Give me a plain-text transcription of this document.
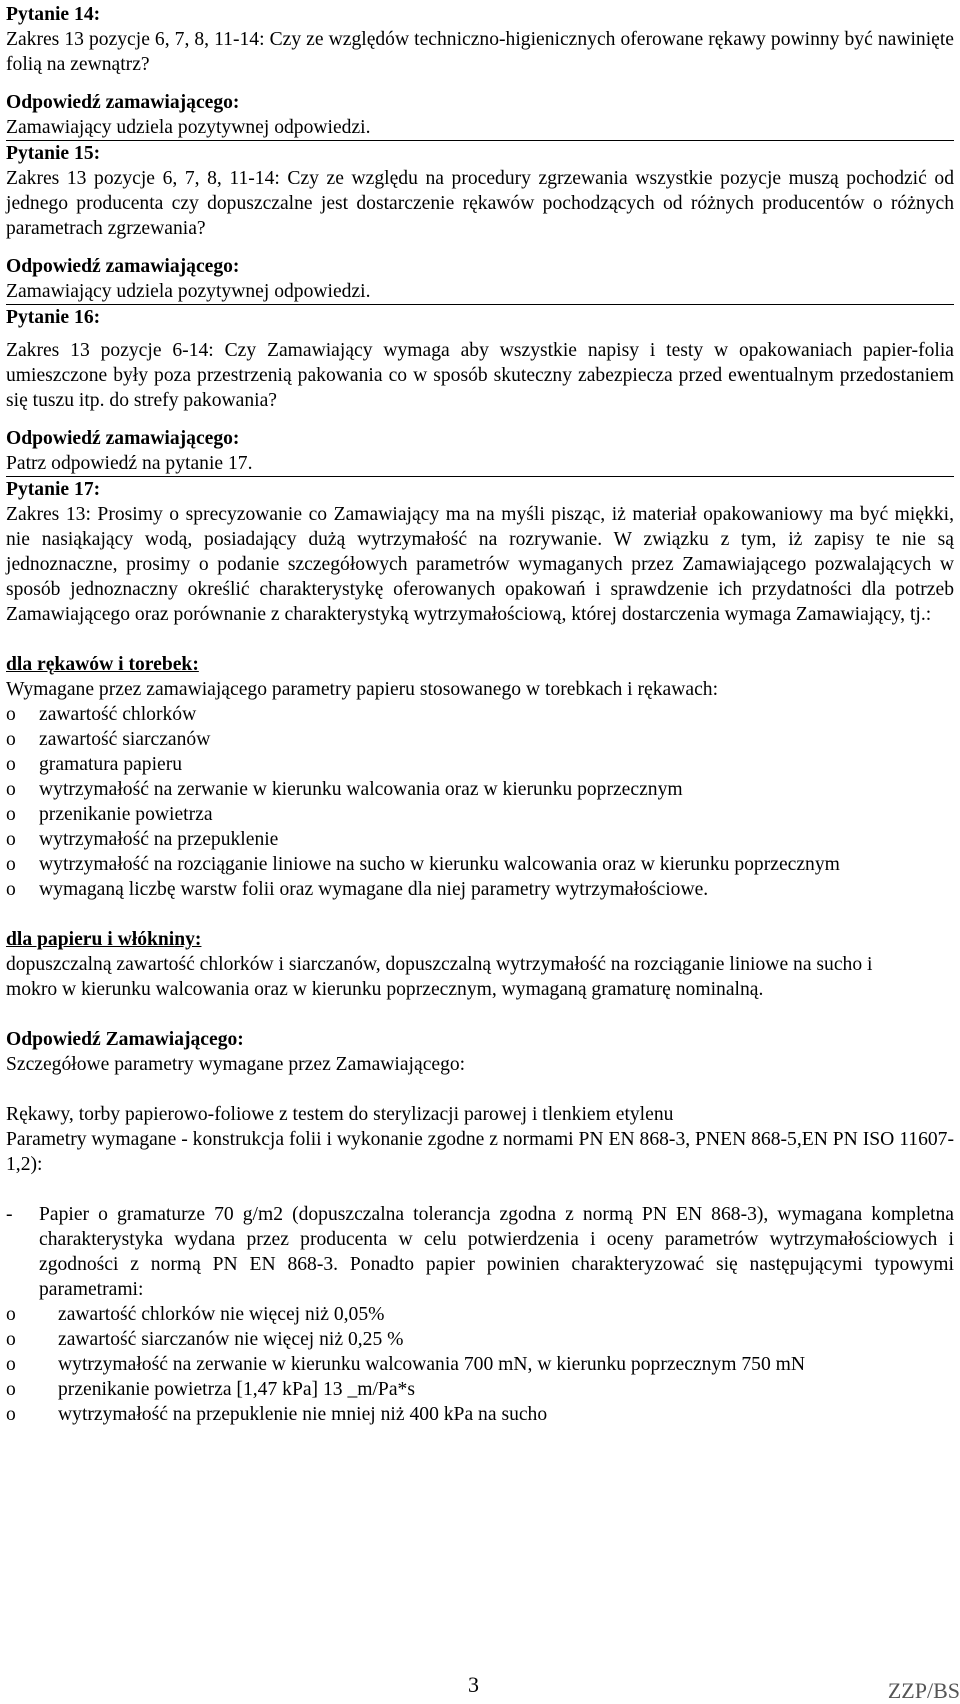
Pytanie 14:
Zakres 13 pozycje 6, 7, 8, 11-14: Czy ze względów techniczno-higienicznych oferowane rękawy powinny być nawinięte folią na zewnątrz?
Odpowiedź zamawiającego:
Zamawiający udziela pozytywnej odpowiedzi.
Pytanie 15:
Zakres 13 pozycje 6, 7, 8, 11-14: Czy ze względu na procedury zgrzewania wszystkie pozycje muszą pochodzić od jednego producenta czy dopuszczalne jest dostarczenie rękawów pochodzących od różnych producentów o różnych parametrach zgrzewania?
Odpowiedź zamawiającego:
Zamawiający udziela pozytywnej odpowiedzi.
Pytanie 16:
Zakres 13 pozycje 6-14: Czy Zamawiający wymaga aby wszystkie napisy i testy w opakowaniach papier-folia umieszczone były poza przestrzenią pakowania co w sposób skuteczny zabezpiecza przed ewentualnym przedostaniem się tuszu itp. do strefy pakowania?
Odpowiedź zamawiającego:
Patrz odpowiedź na pytanie 17.
Pytanie 17:
Zakres 13: Prosimy o sprecyzowanie co Zamawiający ma na myśli pisząc, iż materiał opakowaniowy ma być miękki, nie nasiąkający wodą, posiadający dużą wytrzymałość na rozrywanie. W związku z tym, iż zapisy te nie są jednoznaczne, prosimy o podanie szczegółowych parametrów wymaganych przez Zamawiającego pozwalających w sposób jednoznaczny określić charakterystykę oferowanych opakowań i sprawdzenie ich przydatności dla potrzeb Zamawiającego oraz porównanie z charakterystyką wytrzymałościową, której dostarczenia wymaga Zamawiający, tj.:
dla rękawów i torebek:
Wymagane przez zamawiającego parametry papieru stosowanego w torebkach i rękawach:
o zawartość chlorków
o zawartość siarczanów
o gramatura papieru
o wytrzymałość na zerwanie w kierunku walcowania oraz w kierunku poprzecznym
o przenikanie powietrza
o wytrzymałość na przepuklenie
o wytrzymałość na rozciąganie liniowe na sucho w kierunku walcowania oraz w kierunku poprzecznym
o wymaganą liczbę warstw folii oraz wymagane dla niej parametry wytrzymałościowe.
dla papieru i włókniny:
dopuszczalną zawartość chlorków i siarczanów, dopuszczalną wytrzymałość na rozciąganie liniowe na sucho i mokro w kierunku walcowania oraz w kierunku poprzecznym, wymaganą gramaturę nominalną.
Odpowiedź Zamawiającego:
Szczegółowe parametry wymagane przez Zamawiającego:
Rękawy, torby papierowo-foliowe z testem do sterylizacji parowej i tlenkiem etylenu
Parametry wymagane - konstrukcja folii i wykonanie zgodne z normami PN EN 868-3, PNEN 868-5,EN PN ISO 11607-1,2):
- Papier o gramaturze 70 g/m2 (dopuszczalna tolerancja zgodna z normą PN EN 868-3), wymagana kompletna charakterystyka wydana przez producenta w celu potwierdzenia i oceny parametrów wytrzymałościowych i zgodności z normą PN EN 868-3. Ponadto papier powinien charakteryzować się następującymi typowymi parametrami:
o zawartość chlorków nie więcej niż 0,05%
o zawartość siarczanów nie więcej niż 0,25 %
o wytrzymałość na zerwanie w kierunku walcowania 700 mN, w kierunku poprzecznym 750 mN
o przenikanie powietrza [1,47 kPa] 13 _m/Pa*s
o wytrzymałość na przepuklenie nie mniej niż 400 kPa na sucho
3	ZZP/BS
